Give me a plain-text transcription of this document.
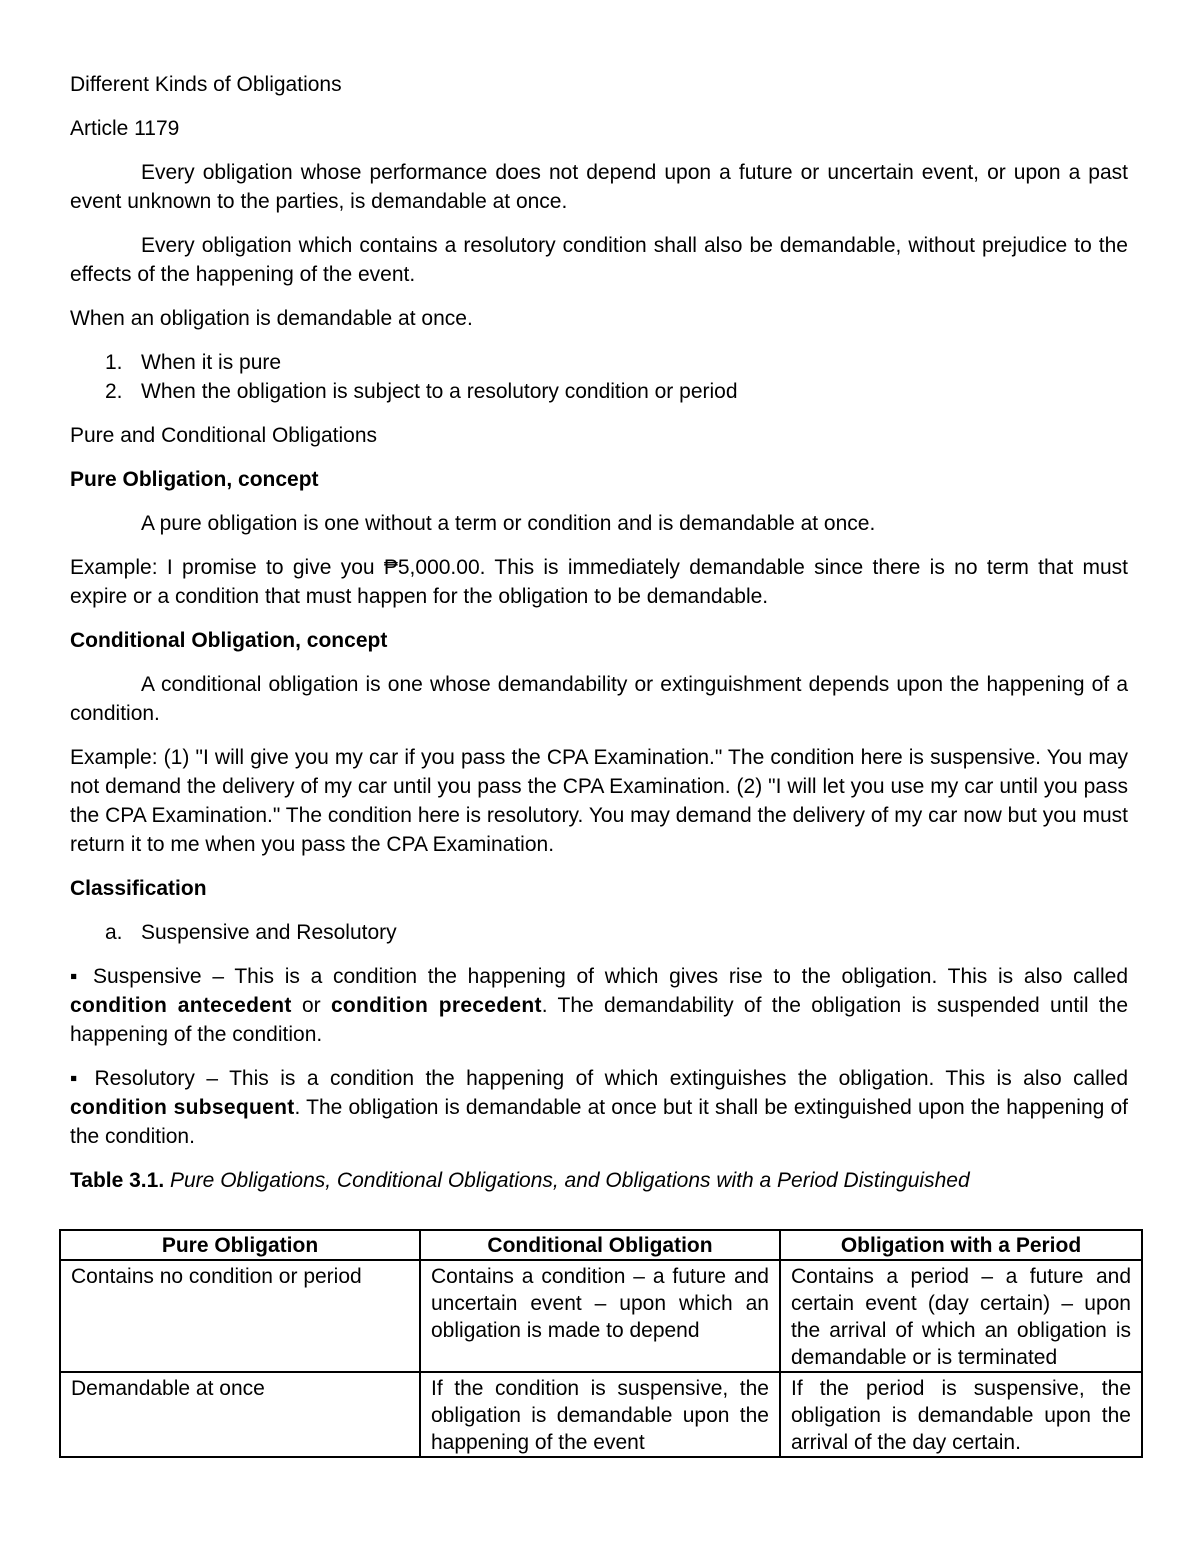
Different Kinds of Obligations

Article 1179

Every obligation whose performance does not depend upon a future or uncertain event, or upon a past event unknown to the parties, is demandable at once.

Every obligation which contains a resolutory condition shall also be demandable, without prejudice to the effects of the happening of the event.

When an obligation is demandable at once.

1. When it is pure
2. When the obligation is subject to a resolutory condition or period

Pure and Conditional Obligations

Pure Obligation, concept

A pure obligation is one without a term or condition and is demandable at once.

Example: I promise to give you ₱5,000.00. This is immediately demandable since there is no term that must expire or a condition that must happen for the obligation to be demandable.

Conditional Obligation, concept

A conditional obligation is one whose demandability or extinguishment depends upon the happening of a condition.

Example: (1) "I will give you my car if you pass the CPA Examination." The condition here is suspensive. You may not demand the delivery of my car until you pass the CPA Examination. (2) "I will let you use my car until you pass the CPA Examination." The condition here is resolutory. You may demand the delivery of my car now but you must return it to me when you pass the CPA Examination.

Classification

a. Suspensive and Resolutory

▪ Suspensive – This is a condition the happening of which gives rise to the obligation. This is also called condition antecedent or condition precedent. The demandability of the obligation is suspended until the happening of the condition.

▪ Resolutory – This is a condition the happening of which extinguishes the obligation. This is also called condition subsequent. The obligation is demandable at once but it shall be extinguished upon the happening of the condition.

Table 3.1. Pure Obligations, Conditional Obligations, and Obligations with a Period Distinguished

Pure Obligation	Conditional Obligation	Obligation with a Period
Contains no condition or period	Contains a condition – a future and uncertain event – upon which an obligation is made to depend	Contains a period – a future and certain event (day certain) – upon the arrival of which an obligation is demandable or is terminated
Demandable at once	If the condition is suspensive, the obligation is demandable upon the happening of the event	If the period is suspensive, the obligation is demandable upon the arrival of the day certain.
